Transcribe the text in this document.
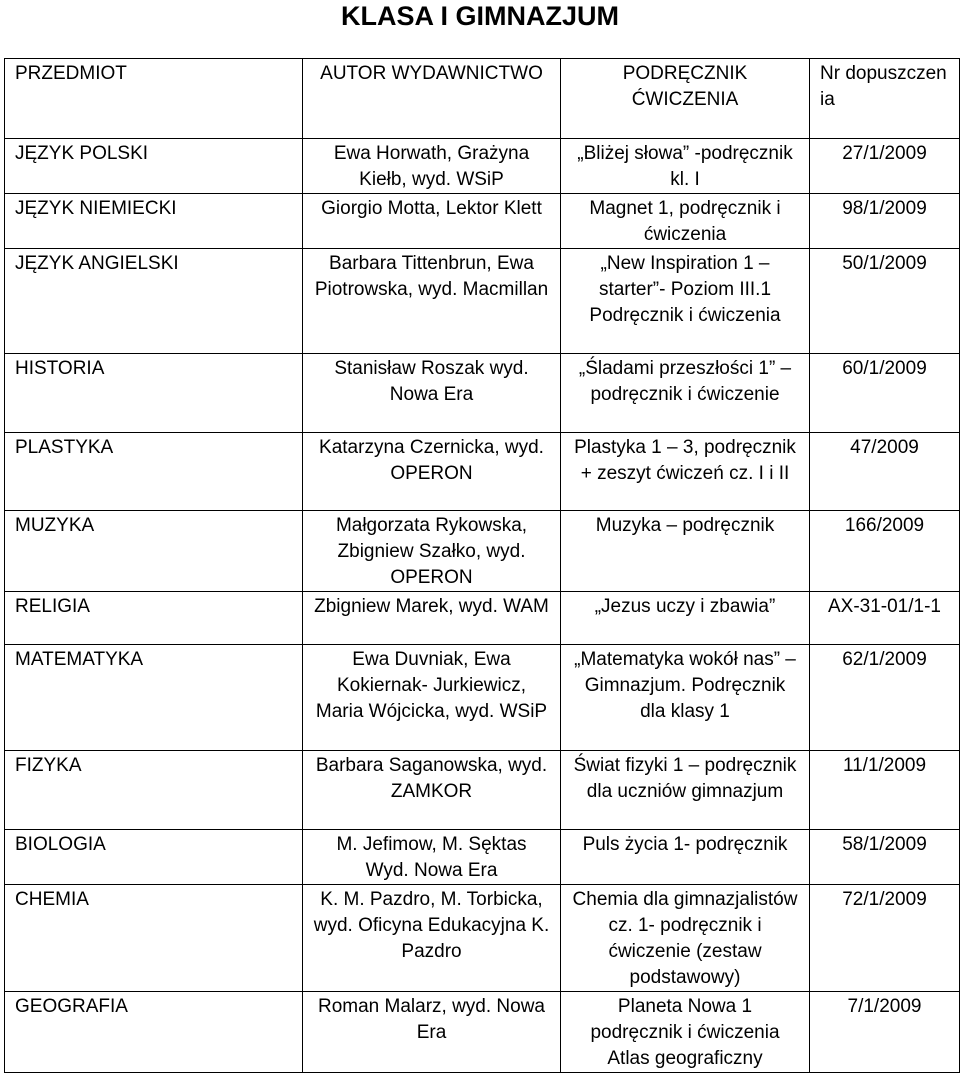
KLASA I GIMNAZJUM
PRZEDMIOT	AUTOR WYDAWNICTWO	PODRĘCZNIK ĆWICZENIA	Nr dopuszczenia
JĘZYK POLSKI	Ewa Horwath, Grażyna Kiełb, wyd. WSiP	„Bliżej słowa” -podręcznik kl. I	27/1/2009
JĘZYK NIEMIECKI	Giorgio Motta, Lektor Klett	Magnet 1, podręcznik i ćwiczenia	98/1/2009
JĘZYK ANGIELSKI	Barbara Tittenbrun, Ewa Piotrowska, wyd. Macmillan	„New Inspiration 1 – starter”- Poziom III.1 Podręcznik i ćwiczenia	50/1/2009
HISTORIA	Stanisław Roszak wyd. Nowa Era	„Śladami przeszłości 1” – podręcznik i ćwiczenie	60/1/2009
PLASTYKA	Katarzyna Czernicka, wyd. OPERON	Plastyka 1 – 3, podręcznik + zeszyt ćwiczeń cz. I i II	47/2009
MUZYKA	Małgorzata Rykowska, Zbigniew Szałko, wyd. OPERON	Muzyka – podręcznik	166/2009
RELIGIA	Zbigniew Marek, wyd. WAM	„Jezus uczy i zbawia”	AX-31-01/1-1
MATEMATYKA	Ewa Duvniak, Ewa Kokiernak- Jurkiewicz, Maria Wójcicka, wyd. WSiP	„Matematyka wokół nas” – Gimnazjum. Podręcznik dla klasy 1	62/1/2009
FIZYKA	Barbara Saganowska, wyd. ZAMKOR	Świat fizyki 1 – podręcznik dla uczniów gimnazjum	11/1/2009
BIOLOGIA	M. Jefimow, M. Sęktas Wyd. Nowa Era	Puls życia 1- podręcznik	58/1/2009
CHEMIA	K. M. Pazdro, M. Torbicka, wyd. Oficyna Edukacyjna K. Pazdro	Chemia dla gimnazjalistów cz. 1- podręcznik i ćwiczenie (zestaw podstawowy)	72/1/2009
GEOGRAFIA	Roman Malarz, wyd. Nowa Era	Planeta Nowa 1 podręcznik i ćwiczenia Atlas geograficzny	7/1/2009
